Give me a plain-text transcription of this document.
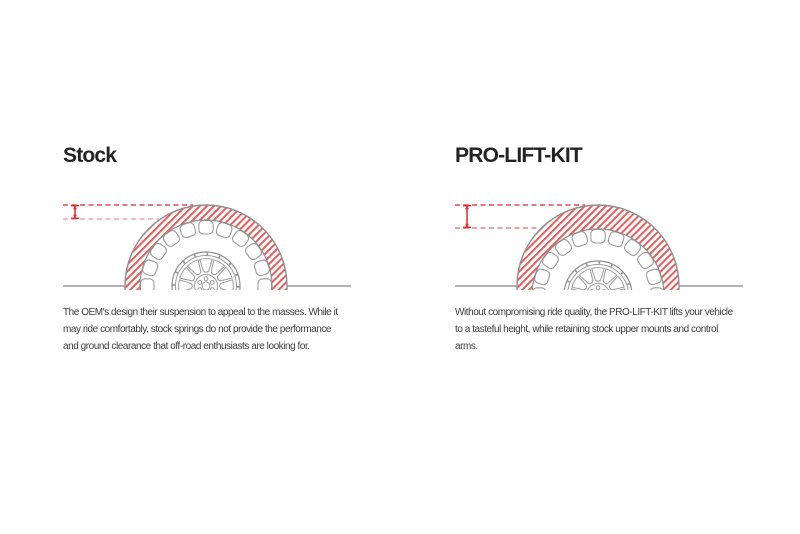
Stock
The OEM's design their suspension to appeal to the masses. While it
may ride comfortably, stock springs do not provide the performance
and ground clearance that off-road enthusiasts are looking for.
PRO-LIFT-KIT
Without compromising ride quality, the PRO-LIFT-KIT lifts your vehicle
to a tasteful height, while retaining stock upper mounts and control
arms.
